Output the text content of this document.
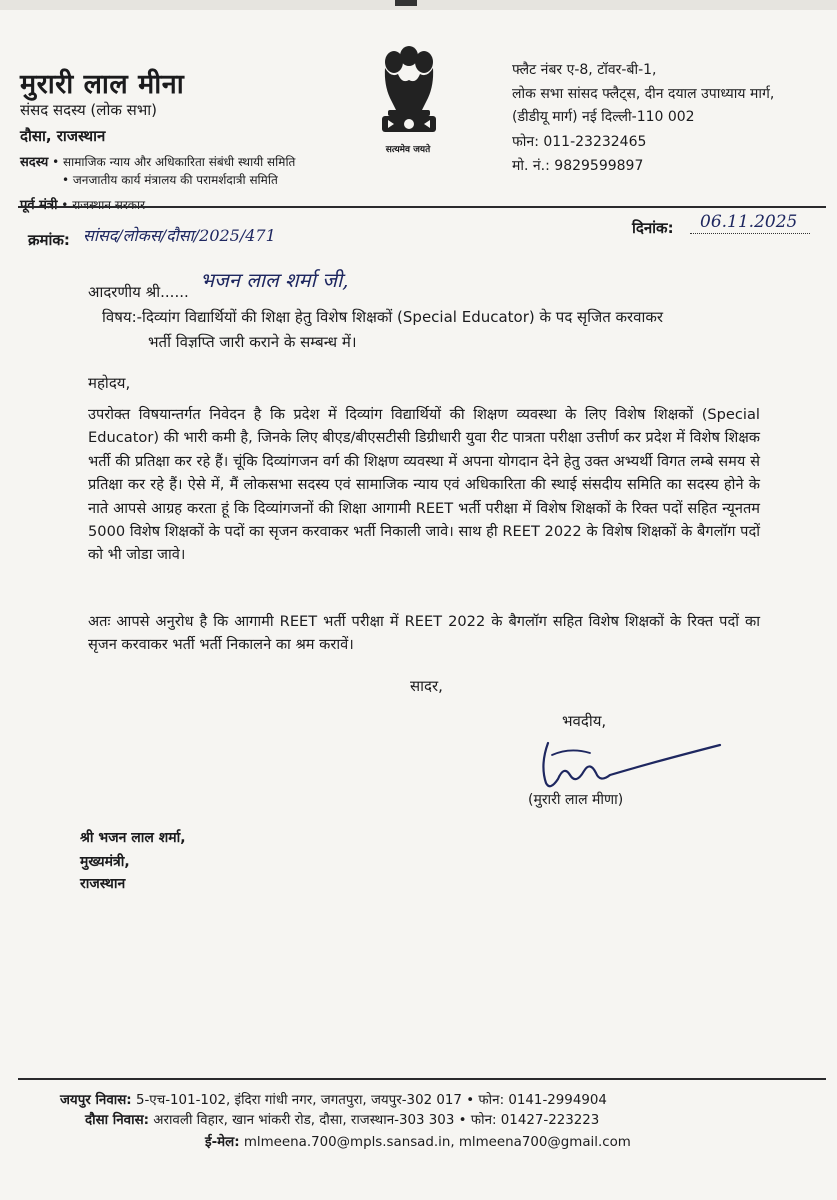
मुरारी लाल मीना
संसद सदस्य (लोक सभा)
दौसा, राजस्थान
सदस्य • सामाजिक न्याय और अधिकारिता संबंधी स्थायी समिति
• जनजातीय कार्य मंत्रालय की परामर्शदात्री समिति
पूर्व मंत्री • राजस्थान सरकार
सत्यमेव जयते
फ्लैट नंबर ए-8, टॉवर-बी-1,
लोक सभा सांसद फ्लैट्स, दीन दयाल उपाध्याय मार्ग,
(डीडीयू मार्ग) नई दिल्ली-110 002
फोन: 011-23232465
मो. नं.: 9829599897
क्रमांक: सांसद/लोकस/दौसा/2025/471	दिनांक: 06.11.2025
आदरणीय श्री...... भजन लाल शर्मा जी,
विषय:-दिव्यांग विद्यार्थियों की शिक्षा हेतु विशेष शिक्षकों (Special Educator) के पद सृजित करवाकर
भर्ती विज्ञप्ति जारी कराने के सम्बन्ध में।
महोदय,
उपरोक्त विषयान्तर्गत निवेदन है कि प्रदेश में दिव्यांग विद्यार्थियों की शिक्षण व्यवस्था के लिए विशेष शिक्षकों (Special Educator) की भारी कमी है, जिनके लिए बीएड/बीएसटीसी डिग्रीधारी युवा रीट पात्रता परीक्षा उत्तीर्ण कर प्रदेश में विशेष शिक्षक भर्ती की प्रतिक्षा कर रहे हैं। चूंकि दिव्यांगजन वर्ग की शिक्षण व्यवस्था में अपना योगदान देने हेतु उक्त अभ्यर्थी विगत लम्बे समय से प्रतिक्षा कर रहे हैं। ऐसे में, मैं लोकसभा सदस्य एवं सामाजिक न्याय एवं अधिकारिता की स्थाई संसदीय समिति का सदस्य होने के नाते आपसे आग्रह करता हूं कि दिव्यांगजनों की शिक्षा आगामी REET भर्ती परीक्षा में विशेष शिक्षकों के रिक्त पदों सहित न्यूनतम 5000 विशेष शिक्षकों के पदों का सृजन करवाकर भर्ती निकाली जावे। साथ ही REET 2022 के विशेष शिक्षकों के बैगलॉग पदों को भी जोडा जावे।
अतः आपसे अनुरोध है कि आगामी REET भर्ती परीक्षा में REET 2022 के बैगलॉग सहित विशेष शिक्षकों के रिक्त पदों का सृजन करवाकर भर्ती भर्ती निकालने का श्रम करावें।
सादर,
भवदीय,
(मुरारी लाल मीणा)
श्री भजन लाल शर्मा,
मुख्यमंत्री,
राजस्थान
जयपुर निवास: 5-एच-101-102, इंदिरा गांधी नगर, जगतपुरा, जयपुर-302 017 • फोन: 0141-2994904
दौसा निवास: अरावली विहार, खान भांकरी रोड, दौसा, राजस्थान-303 303 • फोन: 01427-223223
ई-मेल: mlmeena.700@mpls.sansad.in, mlmeena700@gmail.com
